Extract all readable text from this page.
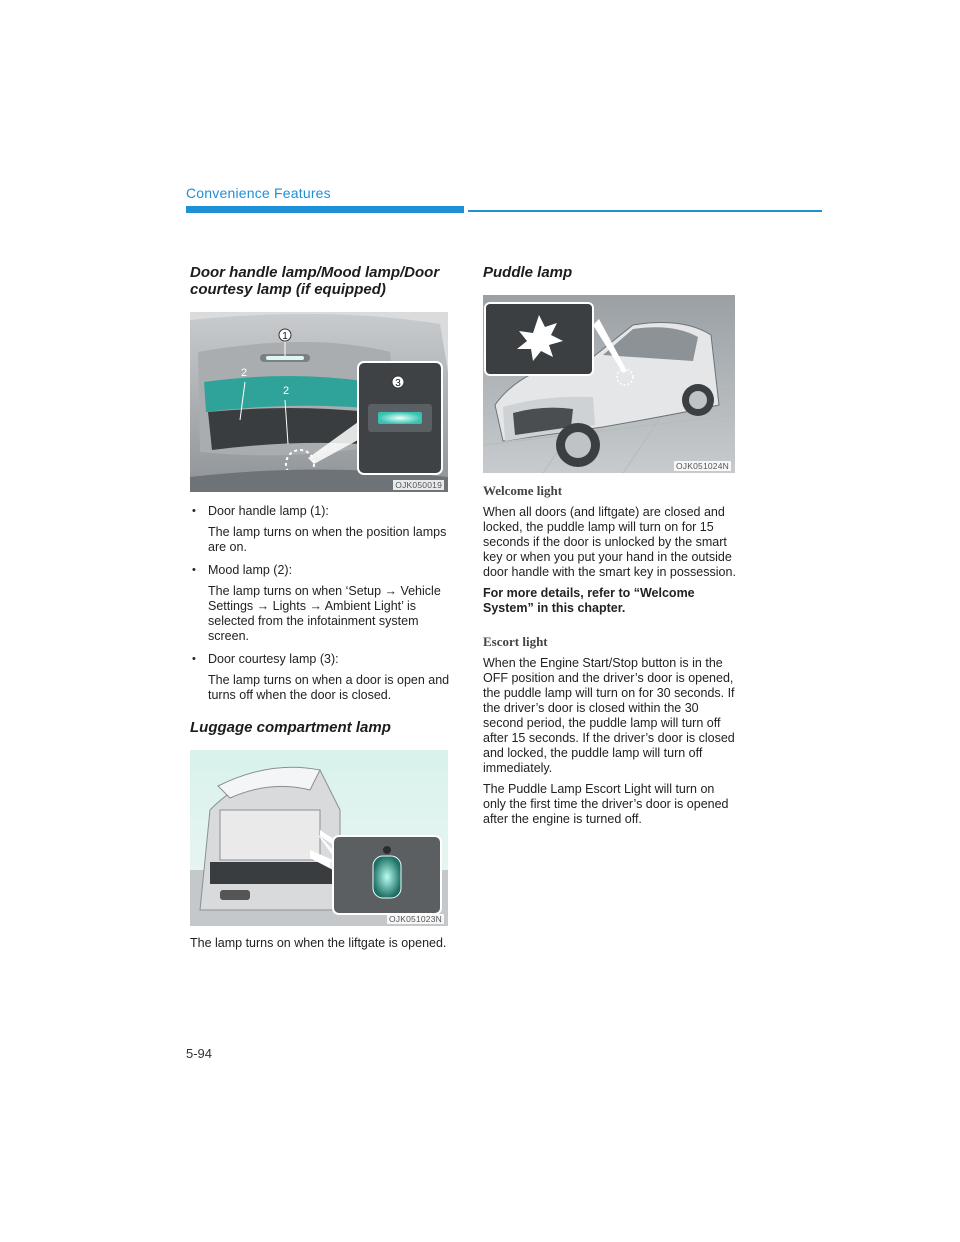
Convenience Features
Door handle lamp/Mood lamp/Door courtesy lamp (if equipped)
1
2
2
3
OJK050019
• Door handle lamp (1):
The lamp turns on when the position lamps are on.
• Mood lamp (2):
The lamp turns on when ‘Setup → Vehicle Settings → Lights → Ambient Light’ is selected from the infotainment system screen.
• Door courtesy lamp (3):
The lamp turns on when a door is open and turns off when the door is closed.
Luggage compartment lamp
OJK051023N

The lamp turns on when the liftgate is opened.

Puddle lamp
OJK051024N
Welcome light

When all doors (and liftgate) are closed and locked, the puddle lamp will turn on for 15 seconds if the door is unlocked by the smart key or when you put your hand in the outside door handle with the smart key in possession.

For more details, refer to “Welcome System” in this chapter.

Escort light

When the Engine Start/Stop button is in the OFF position and the driver’s door is opened, the puddle lamp will turn on for 30 seconds. If the driver’s door is closed within the 30 second period, the puddle lamp will turn off after 15 seconds. If the driver’s door is closed and locked, the puddle lamp will turn off immediately.

The Puddle Lamp Escort Light will turn on only the first time the driver’s door is opened after the engine is turned off.

5-94
